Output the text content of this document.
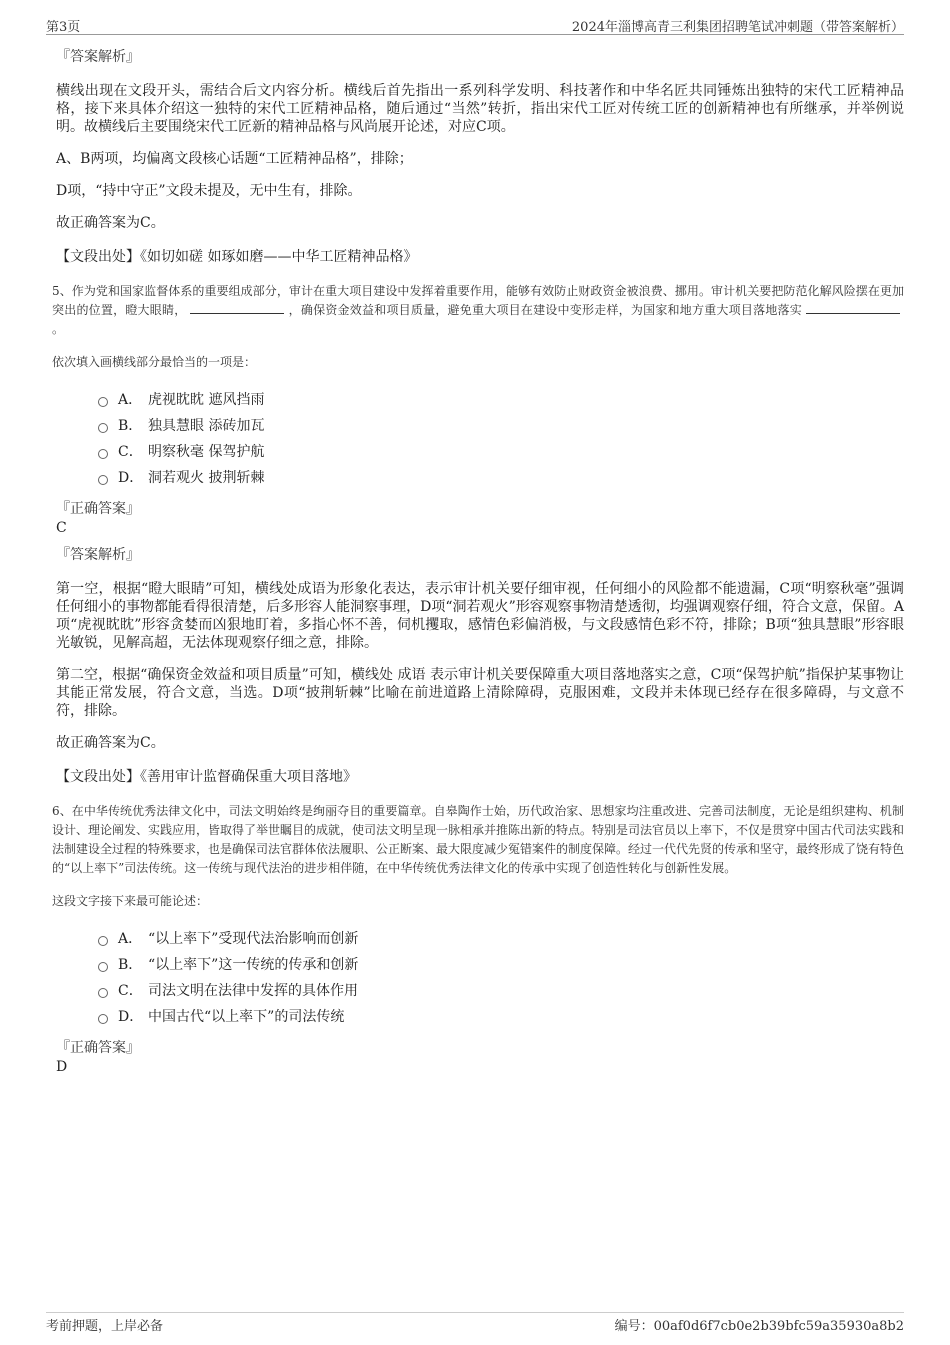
第3页	2024年淄博高青三利集团招聘笔试冲刺题（带答案解析）
『答案解析』

横线出现在文段开头，需结合后文内容分析。横线后首先指出一系列科学发明、科技著作和中华名匠共同锤炼出独特的宋代工匠精神品格，接下来具体介绍这一独特的宋代工匠精神品格，随后通过“当然”转折，指出宋代工匠对传统工匠的创新精神也有所继承，并举例说明。故横线后主要围绕宋代工匠新的精神品格与风尚展开论述，对应C项。

A、B两项，均偏离文段核心话题“工匠精神品格”，排除；

D项，“持中守正”文段未提及，无中生有，排除。

故正确答案为C。

【文段出处】《如切如磋 如琢如磨——中华工匠精神品格》

5、作为党和国家监督体系的重要组成部分，审计在重大项目建设中发挥着重要作用，能够有效防止财政资金被浪费、挪用。审计机关要把防范化解风险摆在更加突出的位置，瞪大眼睛，	，确保资金效益和项目质量，避免重大项目在建设中变形走样，为国家和地方重大项目落地落实。

依次填入画横线部分最恰当的一项是：
A． 虎视眈眈 遮风挡雨
B． 独具慧眼 添砖加瓦
C． 明察秋毫 保驾护航
D． 洞若观火 披荆斩棘
『正确答案』
C
『答案解析』

第一空，根据“瞪大眼睛”可知，横线处成语为形象化表达，表示审计机关要仔细审视，任何细小的风险都不能遗漏，C项“明察秋毫”强调任何细小的事物都能看得很清楚，后多形容人能洞察事理，D项“洞若观火”形容观察事物清楚透彻，均强调观察仔细，符合文意，保留。A项“虎视眈眈”形容贪婪而凶狠地盯着，多指心怀不善，伺机攫取，感情色彩偏消极，与文段感情色彩不符，排除；B项“独具慧眼”形容眼光敏锐，见解高超，无法体现观察仔细之意，排除。

第二空，根据“确保资金效益和项目质量”可知，横线处 成语 表示审计机关要保障重大项目落地落实之意，C项“保驾护航”指保护某事物让其能正常发展，符合文意，当选。D项“披荆斩棘”比喻在前进道路上清除障碍，克服困难，文段并未体现已经存在很多障碍，与文意不符，排除。

故正确答案为C。

【文段出处】《善用审计监督确保重大项目落地》

6、在中华传统优秀法律文化中，司法文明始终是绚丽夺目的重要篇章。自皋陶作士始，历代政治家、思想家均注重改进、完善司法制度，无论是组织建构、机制设计、理论阐发、实践应用，皆取得了举世瞩目的成就，使司法文明呈现一脉相承并推陈出新的特点。特别是司法官员以上率下，不仅是贯穿中国古代司法实践和法制建设全过程的特殊要求，也是确保司法官群体依法履职、公正断案、最大限度减少冤错案件的制度保障。经过一代代先贤的传承和坚守，最终形成了饶有特色的“以上率下”司法传统。这一传统与现代法治的进步相伴随，在中华传统优秀法律文化的传承中实现了创造性转化与创新性发展。

这段文字接下来最可能论述：
A． “以上率下”受现代法治影响而创新
B． “以上率下”这一传统的传承和创新
C． 司法文明在法律中发挥的具体作用
D． 中国古代“以上率下”的司法传统
『正确答案』
D
考前押题，上岸必备	编号：00af0d6f7cb0e2b39bfc59a35930a8b2
